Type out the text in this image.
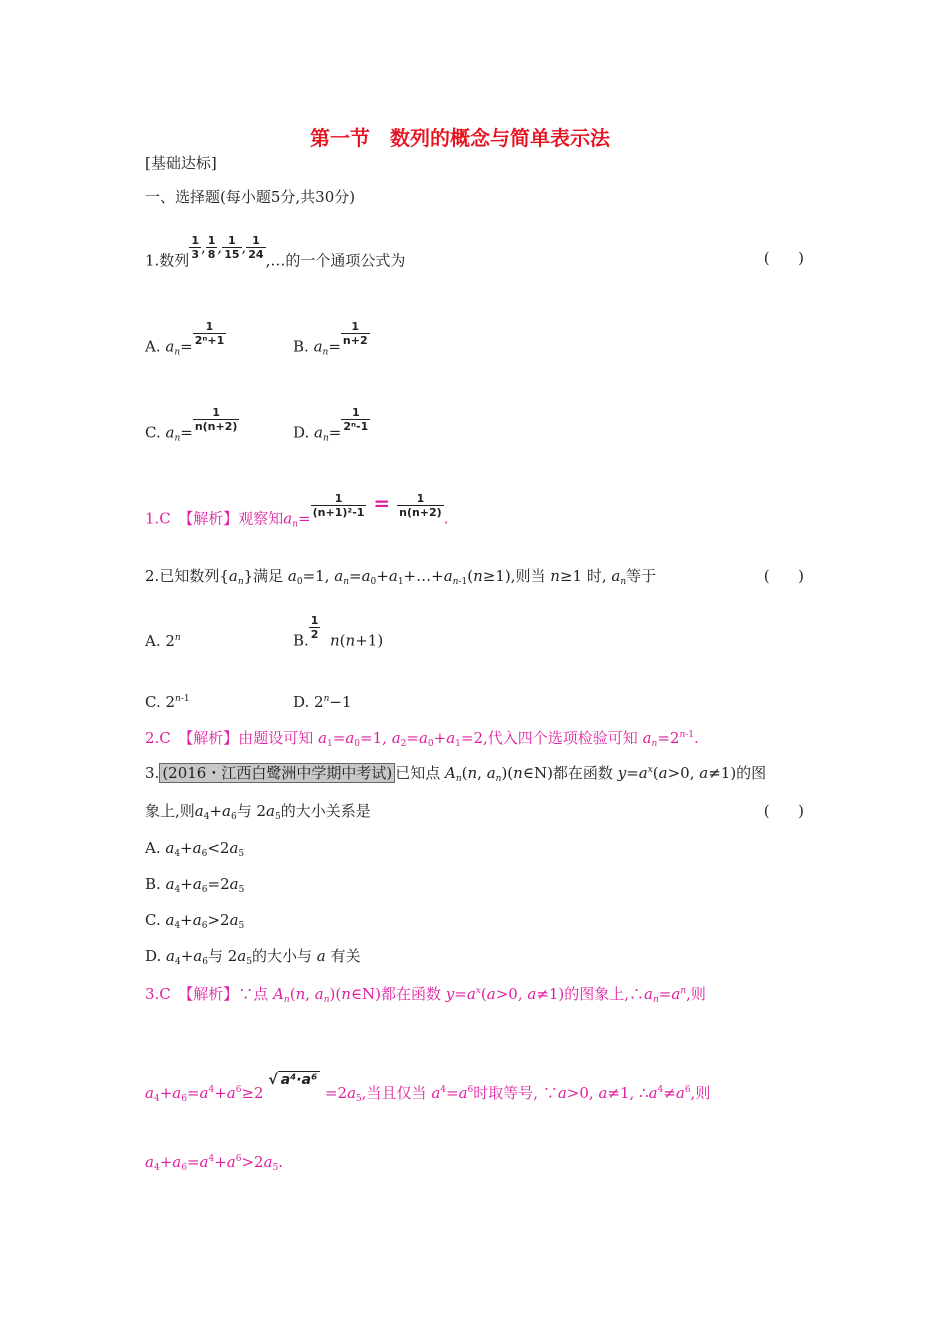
第一节　数列的概念与简单表示法
[基础达标]
一、选择题(每小题5分,共30分)
1.数列 $\frac{1}{3}$ , $\frac{1}{8}$ , $\frac{1}{15}$ , $\frac{1}{24}$ ,…的一个通项公式为	(      )
A. $a_n= \frac{1}{\text{2ⁿ+1}}$	B. $a_n= \frac{1}{n+2}$
C. $a_n= \frac{1}{n(n+2)}$	D. $a_n= \frac{1}{\text{2ⁿ-1}}$
1.C　【解析】观察知$a_n= \frac{1}{\text{(n+1)²-1}} = \frac{1}{n(n+2)}$ .
2.已知数列$\{a_n\}$满足 $a_0=1$, $a_n=a_0+a_1+\dots+a_{n-1}(n\ge 1)$,则当 n≥1 时, $a_n$等于	(      )
A. 2$^n$	B. $\frac{1}{2} n(n+1)$
C. 2$^{n-1}$	D. $2^n-1$
2.C　【解析】由题设可知 $a_1=a_0=1$, $a_2=a_0+a_1=2$,代入四个选项检验可知 $a_n=2^{n-1}$.
3. (2016・江西白鹭洲中学期中考试) 已知点 $A_n(n$, $a_n)(n\in N)$都在函数 $y=a^x(a>0$, a≠1)的图
象上,则$a_4+a_6$与 $2a_5$的大小关系是	(      )
A. $a_4+a_6<2a_5$
B. $a_4+a_6=2a_5$
C. $a_4+a_6>2a_5$
D. $a_4+a_6$与 $2a_5$的大小与 a 有关
3.C　【解析】∵点 $A_n(n$, $a_n)(n\in N)$都在函数 $y=a^x(a>0$, a≠1)的图象上$,\therefore a_n=a^n$,则
$a_4+a_6=a^4+a^6\ge 2$ √ $a^4\cdot a^6 =2a_5$,当且仅当 $a^4=a^6$时取等号, ∵a>0, a≠1, $\therefore a^4\ne a^6$,则
$a_4+a_6=a^4+a^6>2a_5$.
